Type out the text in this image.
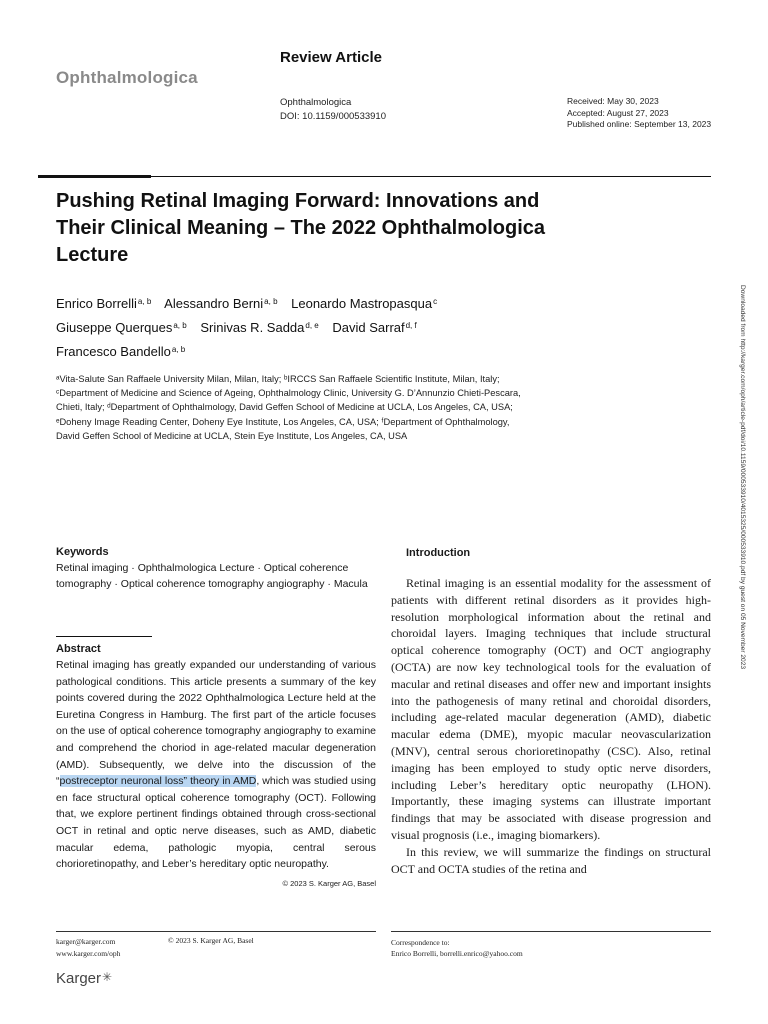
Ophthalmologica
Review Article
Ophthalmologica
DOI: 10.1159/000533910
Received: May 30, 2023
Accepted: August 27, 2023
Published online: September 13, 2023
Pushing Retinal Imaging Forward: Innovations and Their Clinical Meaning – The 2022 Ophthalmologica Lecture
Enrico Borrelli$^{a, b}$ Alessandro Berni$^{a, b}$ Leonardo Mastropasqua$^c$
Giuseppe Querques$^{a, b}$ Srinivas R. Sadda$^{d, e}$ David Sarraf$^{d, f}$
Francesco Bandello$^{a, b}$
ᵃVita-Salute San Raffaele University Milan, Milan, Italy; ᵇIRCCS San Raffaele Scientific Institute, Milan, Italy;
ᶜDepartment of Medicine and Science of Ageing, Ophthalmology Clinic, University G. D’Annunzio Chieti-Pescara,
Chieti, Italy; ᵈDepartment of Ophthalmology, David Geffen School of Medicine at UCLA, Los Angeles, CA, USA;
ᵉDoheny Image Reading Center, Doheny Eye Institute, Los Angeles, CA, USA; ᶠDepartment of Ophthalmology,
David Geffen School of Medicine at UCLA, Stein Eye Institute, Los Angeles, CA, USA	Downloaded from http://karger.com/oph/article-pdf/doi/10.1159/000533910/4015325/000533910.pdf by guest on 05 November 2023
Keywords
Retinal imaging · Ophthalmologica Lecture · Optical coherence tomography · Optical coherence tomography angiography · Macula
Abstract
Retinal imaging has greatly expanded our understanding of various pathological conditions. This article presents a summary of the key points covered during the 2022 Ophthalmologica Lecture held at the Euretina Congress in Hamburg. The first part of the article focuses on the use of optical coherence tomography angiography to examine and comprehend the choriod in age-related macular degeneration (AMD). Subsequently, we delve into the discussion of the “postreceptor neuronal loss” theory in AMD, which was studied using en face structural optical coherence tomography (OCT). Following that, we explore pertinent findings obtained through cross-sectional OCT in retinal and optic nerve diseases, such as AMD, diabetic macular edema, pathologic myopia, central serous chorioretinopathy, and Leber’s hereditary optic neuropathy.
© 2023 S. Karger AG, Basel
Introduction

Retinal imaging is an essential modality for the assessment of patients with different retinal disorders as it provides high-resolution morphological information about the retinal and choroidal layers. Imaging techniques that include structural optical coherence tomography (OCT) and OCT angiography (OCTA) are now key technological tools for the evaluation of macular and retinal diseases and offer new and important insights into the pathogenesis of many retinal and choroidal disorders, including age-related macular degeneration (AMD), diabetic macular edema (DME), myopic macular neovascularization (MNV), central serous chorioretinopathy (CSC). Also, retinal imaging has been employed to study optic nerve disorders, including Leber’s hereditary optic neuropathy (LHON). Importantly, these imaging systems can illustrate important findings that may be associated with disease progression and visual prognosis (i.e., imaging biomarkers).

In this review, we will summarize the findings on structural OCT and OCTA studies of the retina and

karger@karger.com
www.karger.com/oph
© 2023 S. Karger AG, Basel	Correspondence to:
Enrico Borrelli, borrelli.enrico@yahoo.com
Karger✳
